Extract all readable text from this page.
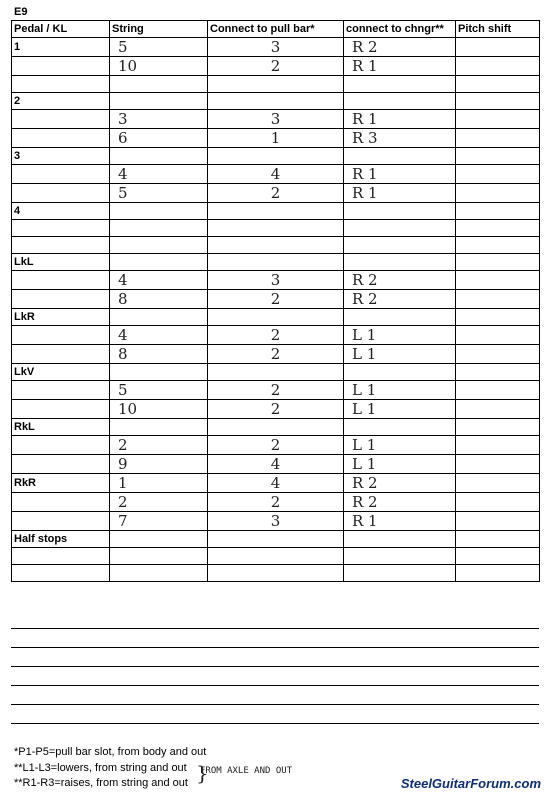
E9
Pedal / KL	String	Connect to pull bar*	connect to chngr**	Pitch shift
1	5	3	R 2	
	10	2	R 1	

2				
	3	3	R 1	
	6	1	R 3	
3				
	4	4	R 1	
	5	2	R 1	
4				

LkL				
	4	3	R 2	
	8	2	R 2	
LkR				
	4	2	L 1	
	8	2	L 1	
LkV				
	5	2	L 1	
	10	2	L 1	
RkL				
	2	2	L 1	
	9	4	L 1	
RkR	1	4	R 2	
	2	2	R 2	
	7	3	R 1	
Half stops				

*P1-P5=pull bar slot, from body and out
**L1-L3=lowers, from string and out
**R1-R3=raises, from string and out }
FROM AXLE AND OUT
SteelGuitarForum.com
